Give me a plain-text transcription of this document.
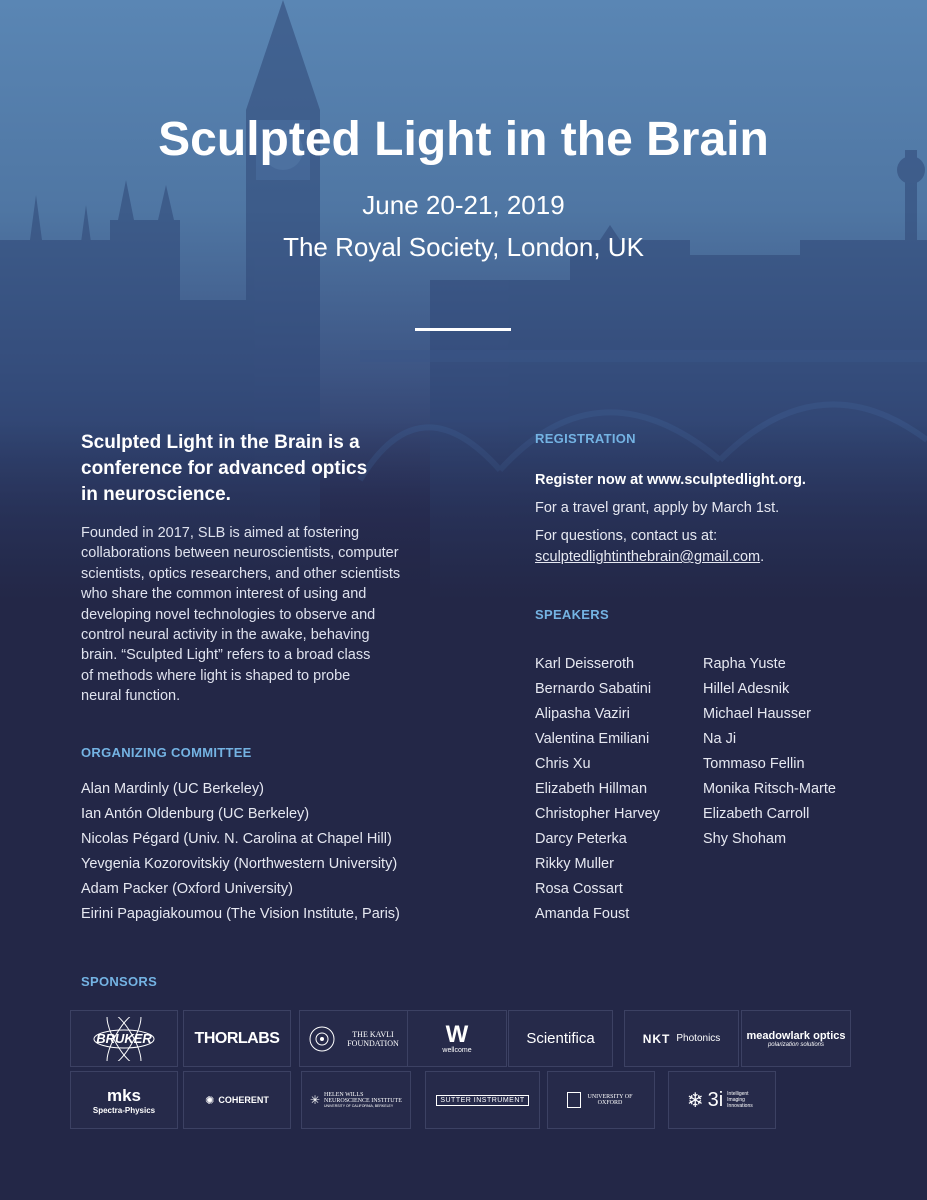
Sculpted Light in the Brain
June 20-21, 2019
The Royal Society, London, UK
Sculpted Light in the Brain is a
conference for advanced optics
in neuroscience.
Founded in 2017, SLB is aimed at fostering
collaborations between neuroscientists, computer
scientists, optics researchers, and other scientists
who share the common interest of using and
developing novel technologies to observe and
control neural activity in the awake, behaving
brain. “Sculpted Light” refers to a broad class
of methods where light is shaped to probe
neural function.
ORGANIZING COMMITTEE
Alan Mardinly (UC Berkeley)
Ian Antón Oldenburg (UC Berkeley)
Nicolas Pégard (Univ. N. Carolina at Chapel Hill)
Yevgenia Kozorovitskiy (Northwestern University)
Adam Packer (Oxford University)
Eirini Papagiakoumou (The Vision Institute, Paris)
REGISTRATION
Register now at www.sculptedlight.org.
For a travel grant, apply by March 1st.
For questions, contact us at:
sculptedlightinthebrain@gmail.com.
SPEAKERS
Karl Deisseroth
Bernardo Sabatini
Alipasha Vaziri
Valentina Emiliani
Chris Xu
Elizabeth Hillman
Christopher Harvey
Darcy Peterka
Rikky Muller
Rosa Cossart
Amanda Foust
Rapha Yuste
Hillel Adesnik
Michael Hausser
Na Ji
Tommaso Fellin
Monika Ritsch-Marte
Elizabeth Carroll
Shy Shoham
SPONSORS
BRUKER	THORLABS	THE KAVLI FOUNDATION W
wellcome
Scientifica	NKT Photonics meadowlark optics
polarization solutions
mks
Spectra-Physics
✺ COHERENT	✳ HELEN WILLS NEUROSCIENCE INSTITUTE
UNIVERSITY OF CALIFORNIA, BERKELEY
SUTTER INSTRUMENT	UNIVERSITY OF OXFORD	❄ 3i Intelligent Imaging Innovations
